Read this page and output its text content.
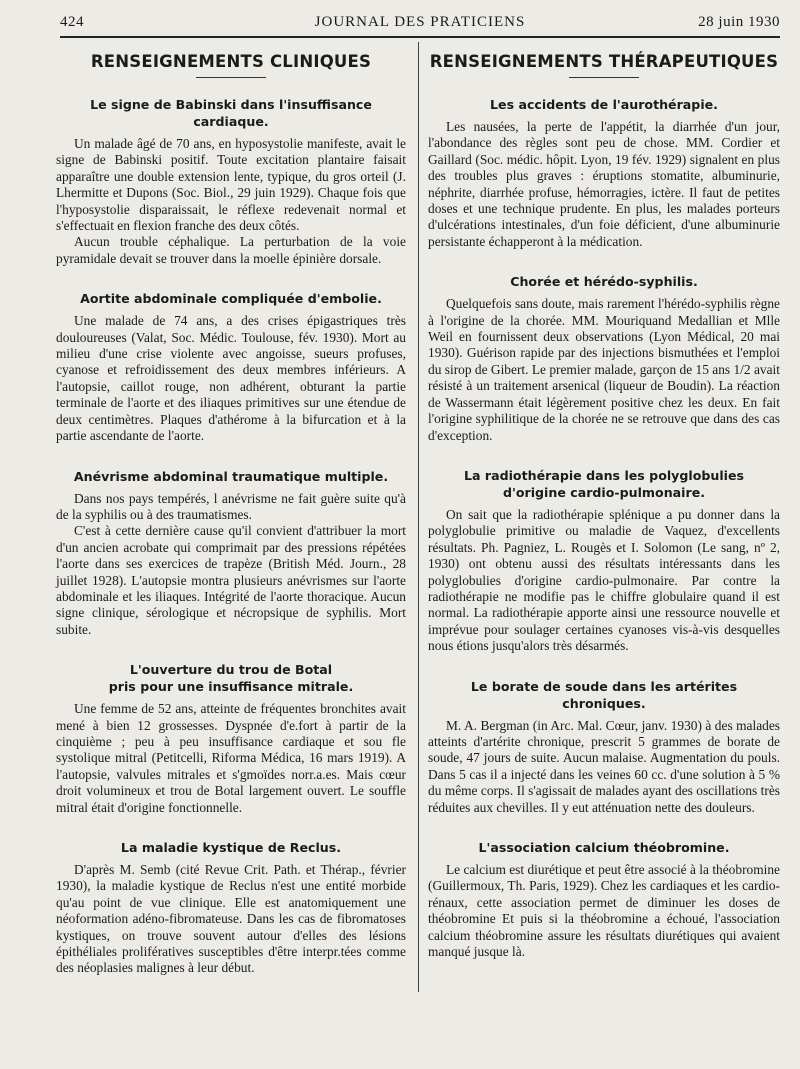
424	JOURNAL DES PRATICIENS	28 juin 1930
RENSEIGNEMENTS CLINIQUES
Le signe de Babinski dans l'insuffisance cardiaque.

Un malade âgé de 70 ans, en hyposystolie manifeste, avait le signe de Babinski positif. Toute excitation plantaire faisait apparaître une double extension lente, typique, du gros orteil (J. Lhermitte et Dupons (Soc. Biol., 29 juin 1929). Chaque fois que l'hyposystolie disparaissait, le réflexe redevenait normal et s'effectuait en flexion franche des deux côtés.

Aucun trouble céphalique. La perturbation de la voie pyramidale devait se trouver dans la moelle épinière dorsale.

Aortite abdominale compliquée d'embolie.

Une malade de 74 ans, a des crises épigastriques très douloureuses (Valat, Soc. Médic. Toulouse, fév. 1930). Mort au milieu d'une crise violente avec angoisse, sueurs profuses, cyanose et refroidissement des deux membres inférieurs. A l'autopsie, caillot rouge, non adhérent, obturant la partie terminale de l'aorte et des iliaques primitives sur une étendue de deux centimètres. Plaques d'athérome à la bifurcation et à la partie ascendante de l'aorte.

Anévrisme abdominal traumatique multiple.

Dans nos pays tempérés, l anévrisme ne fait guère suite qu'à de la syphilis ou à des traumatismes.

C'est à cette dernière cause qu'il convient d'attribuer la mort d'un ancien acrobate qui comprimait par des pressions répétées l'aorte dans ses exercices de trapèze (British Méd. Journ., 28 juillet 1928). L'autopsie montra plusieurs anévrismes sur l'aorte abdominale et les iliaques. Intégrité de l'aorte thoracique. Aucun signe clinique, sérologique et nécropsique de syphilis. Mort subite.

L'ouverture du trou de Botal
pris pour une insuffisance mitrale.

Une femme de 52 ans, atteinte de fréquentes bronchites avait mené à bien 12 grossesses. Dyspnée d'e.fort à partir de la cinquième ; peu à peu insuffisance cardiaque et sou fle systolique mitral (Petitcelli, Riforma Médica, 16 mars 1919). A l'autopsie, valvules mitrales et s'gmoïdes norr.a.es. Mais cœur droit volumineux et trou de Botal largement ouvert. Le souffle mitral était d'origine fonctionnelle.

La maladie kystique de Reclus.

D'après M. Semb (cité Revue Crit. Path. et Thérap., février 1930), la maladie kystique de Reclus n'est une entité morbide qu'au point de vue clinique. Elle est anatomiquement une néoformation adéno-fibromateuse. Dans les cas de fibromatoses kystiques, on trouve souvent autour d'elles des lésions épithéliales prolifératives susceptibles d'être interpr.tées comme des néoplasies malignes à leur début.

RENSEIGNEMENTS THÉRAPEUTIQUES
Les accidents de l'aurothérapie.

Les nausées, la perte de l'appétit, la diarrhée d'un jour, l'abondance des règles sont peu de chose. MM. Cordier et Gaillard (Soc. médic. hôpit. Lyon, 19 fév. 1929) signalent en plus des troubles plus graves : éruptions stomatite, albuminurie, néphrite, diarrhée profuse, hémorragies, ictère. Il faut de petites doses et une technique prudente. En plus, les malades porteurs d'ulcérations intestinales, d'un foie déficient, d'une albuminurie persistante échapperont à la médication.

Chorée et hérédo-syphilis.

Quelquefois sans doute, mais rarement l'hérédo-syphilis règne à l'origine de la chorée. MM. Mouriquand Medallian et Mlle Weil en fournissent deux observations (Lyon Médical, 20 mai 1930). Guérison rapide par des injections bismuthées et l'emploi du sirop de Gibert. Le premier malade, garçon de 15 ans 1/2 avait résisté à un traitement arsenical (liqueur de Boudin). La réaction de Wassermann était légèrement positive chez les deux. En fait l'origine syphilitique de la chorée ne se retrouve que dans des cas d'exception.

La radiothérapie dans les polyglobulies
d'origine cardio-pulmonaire.

On sait que la radiothérapie splénique a pu donner dans la polyglobulie primitive ou maladie de Vaquez, d'excellents résultats. Ph. Pagniez, L. Rougès et I. Solomon (Le sang, nº 2, 1930) ont obtenu aussi des résultats intéressants dans les polyglobulies d'origine cardio-pulmonaire. Par contre la radiothérapie ne modifie pas le chiffre globulaire quand il est normal. La radiothérapie apporte ainsi une ressource nouvelle et imprévue pour soulager certaines cyanoses vis-à-vis desquelles nous étions jusqu'alors très désarmés.

Le borate de soude dans les artérites chroniques.

M. A. Bergman (in Arc. Mal. Cœur, janv. 1930) à des malades atteints d'artérite chronique, prescrit 5 grammes de borate de soude, 47 jours de suite. Aucun malaise. Augmentation du pouls. Dans 5 cas il a injecté dans les veines 60 cc. d'une solution à 5 % du même corps. Il s'agissait de malades ayant des oscillations très réduites aux chevilles. Il y eut atténuation nette des douleurs.

L'association calcium théobromine.

Le calcium est diurétique et peut être associé à la théobromine (Guillermoux, Th. Paris, 1929). Chez les cardiaques et les cardio-rénaux, cette association permet de diminuer les doses de théobromine Et puis si la théobromine a échoué, l'association calcium théobromine assure les résultats diurétiques qui avaient manqué jusque là.
